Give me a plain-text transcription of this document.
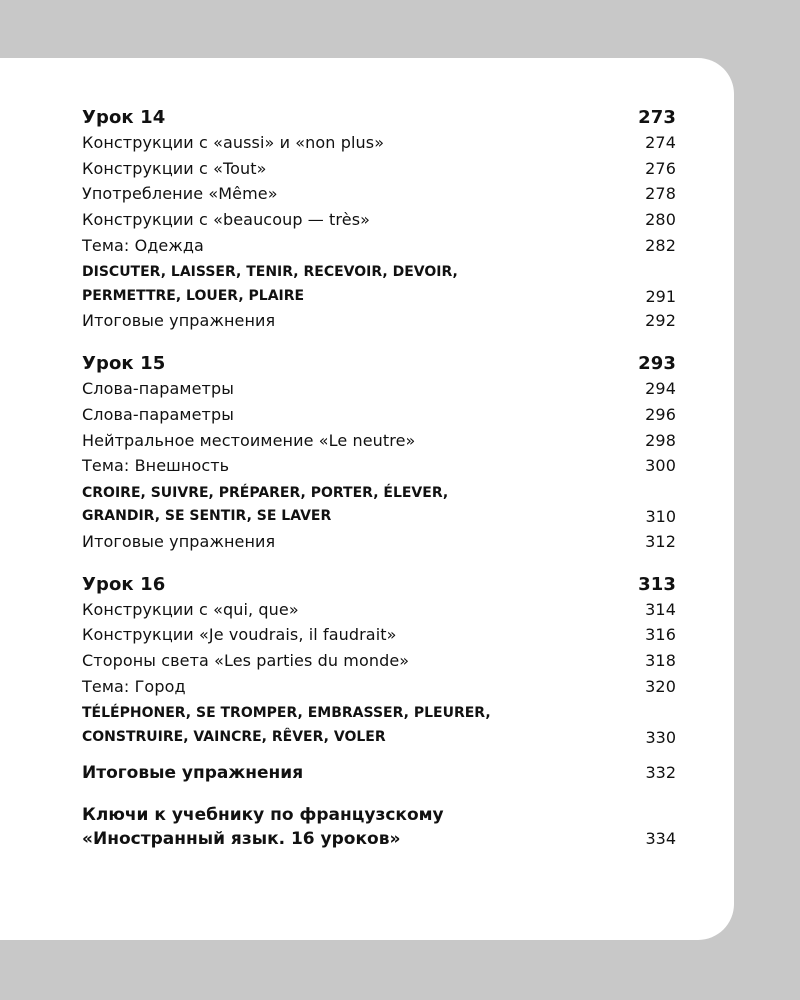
Урок 14	273
Конструкции с «aussi» и «non plus»	274
Конструкции с «Tout»	276
Употребление «Même»	278
Конструкции с «beaucoup — très»	280
Тема: Одежда	282
DISCUTER, LAISSER, TENIR, RECEVOIR, DEVOIR,
PERMETTRE, LOUER, PLAIRE	291
Итоговые упражнения	292
Урок 15	293
Слова-параметры	294
Слова-параметры	296
Нейтральное местоимение «Le neutre»	298
Тема: Внешность	300
CROIRE, SUIVRE, PRÉPARER, PORTER, ÉLEVER,
GRANDIR, SE SENTIR, SE LAVER	310
Итоговые упражнения	312
Урок 16	313
Конструкции с «qui, que»	314
Конструкции «Je voudrais, il faudrait»	316
Стороны света «Les parties du monde»	318
Тема: Город	320
TÉLÉPHONER, SE TROMPER, EMBRASSER, PLEURER,
CONSTRUIRE, VAINCRE, RÊVER, VOLER	330
Итоговые упражнения	332
Ключи к учебнику по французскому
«Иностранный язык. 16 уроков»	334
